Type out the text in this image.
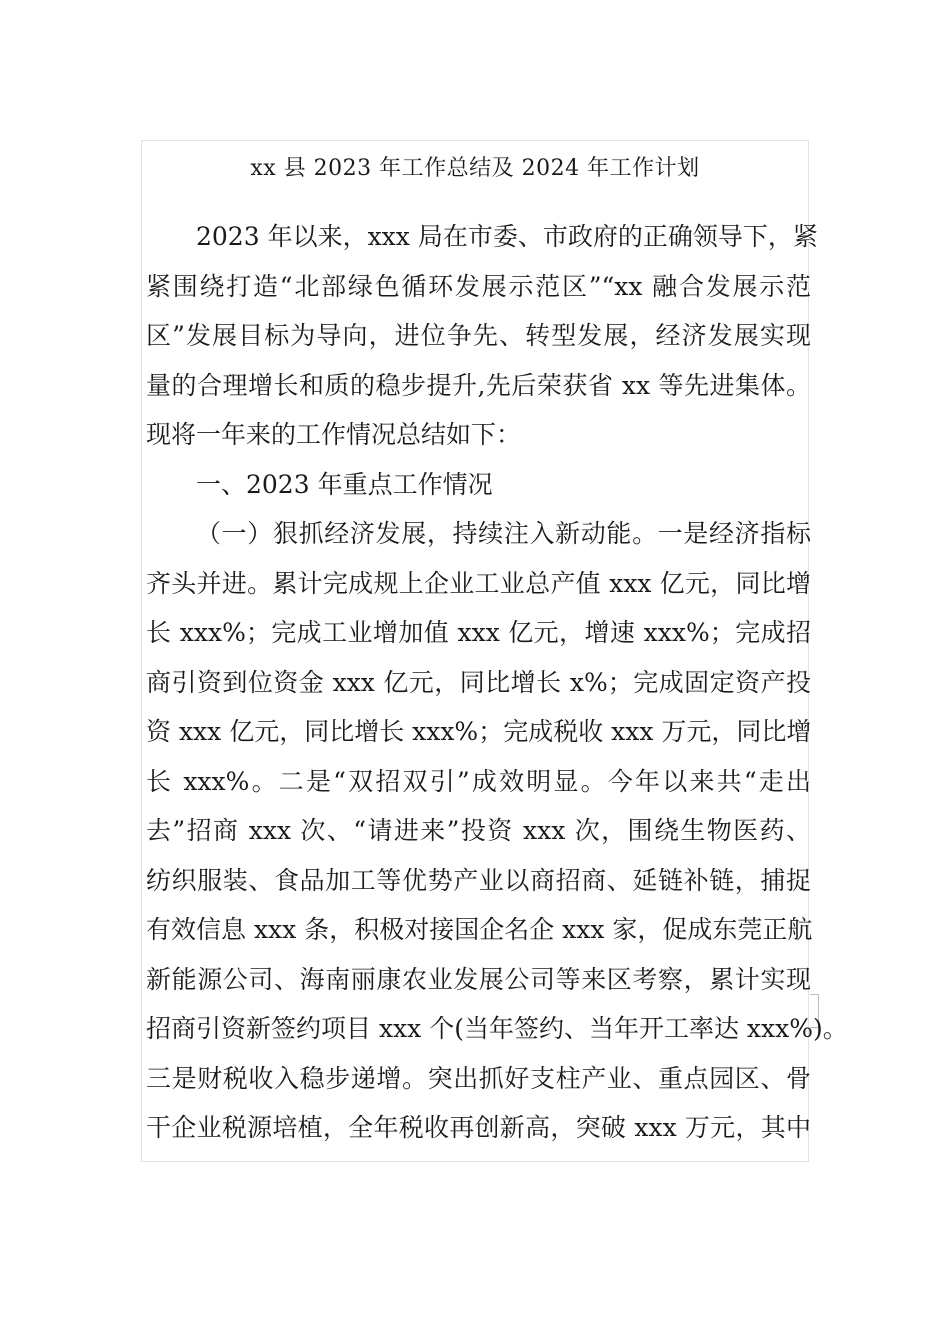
xx 县 2023 年工作总结及 2024 年工作计划

2023 年以来，xxx 局在市委、市政府的正确领导下，紧
紧围绕打造“北部绿色循环发展示范区”“xx 融合发展示范
区”发展目标为导向，进位争先、转型发展，经济发展实现
量的合理增长和质的稳步提升,先后荣获省 xx 等先进集体。
现将一年来的工作情况总结如下：

一、2023 年重点工作情况

（一）狠抓经济发展，持续注入新动能。一是经济指标
齐头并进。累计完成规上企业工业总产值 xxx 亿元，同比增
长 xxx%；完成工业增加值 xxx 亿元，增速 xxx%；完成招
商引资到位资金 xxx 亿元，同比增长 x%；完成固定资产投
资 xxx 亿元，同比增长 xxx%；完成税收 xxx 万元，同比增
长 xxx%。二是“双招双引”成效明显。今年以来共“走出
去”招商 xxx 次、“请进来”投资 xxx 次，围绕生物医药、
纺织服装、食品加工等优势产业以商招商、延链补链，捕捉
有效信息 xxx 条，积极对接国企名企 xxx 家，促成东莞正航
新能源公司、海南丽康农业发展公司等来区考察，累计实现
招商引资新签约项目 xxx 个(当年签约、当年开工率达 xxx%)。
三是财税收入稳步递增。突出抓好支柱产业、重点园区、骨
干企业税源培植，全年税收再创新高，突破 xxx 万元，其中
